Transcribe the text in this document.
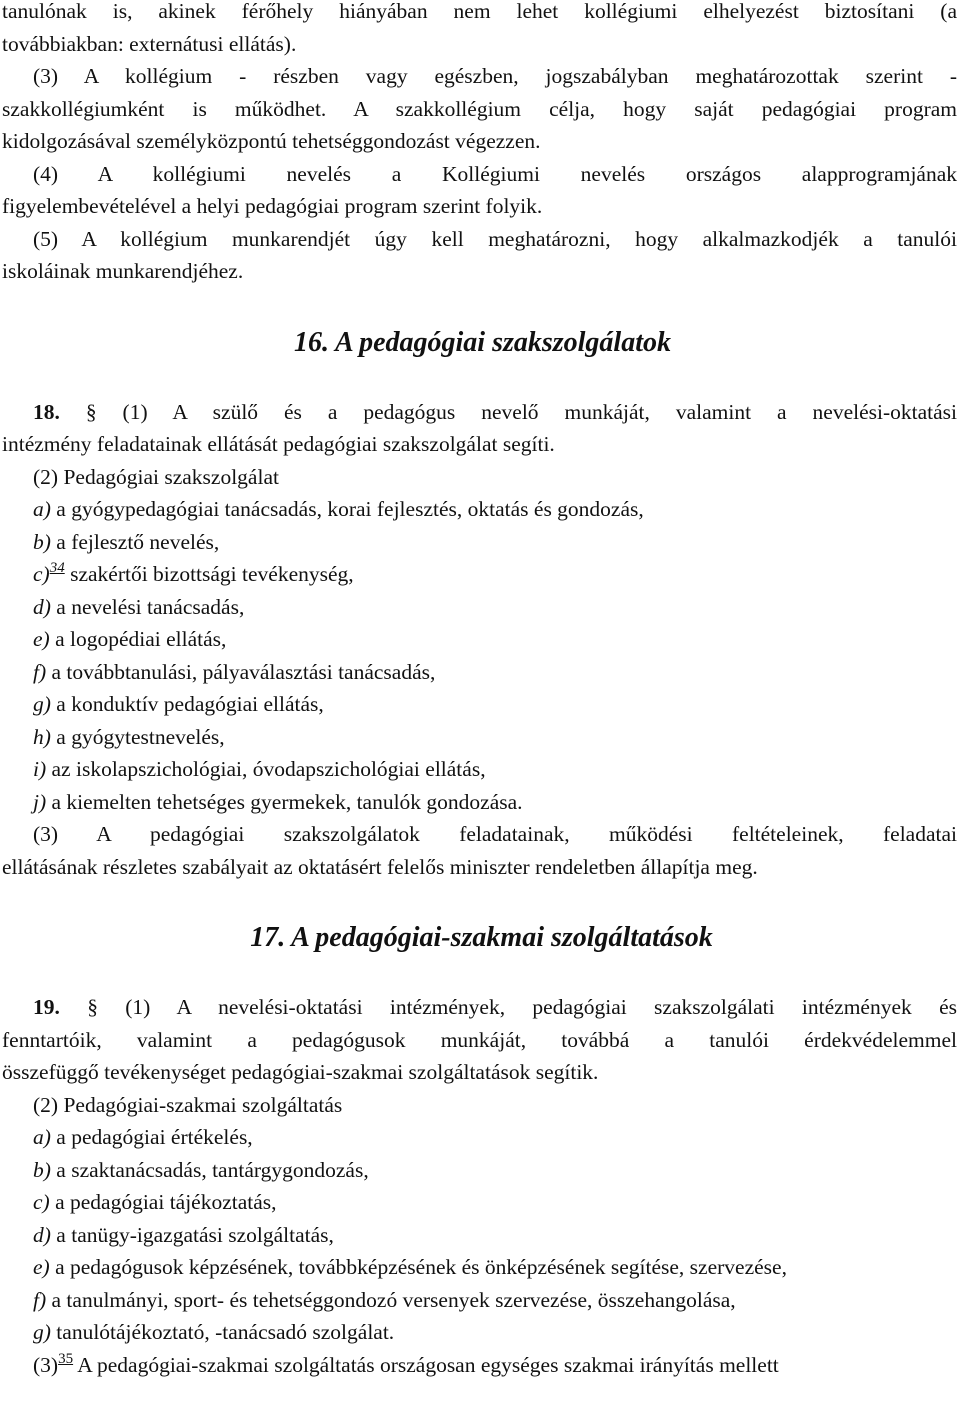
tanulónak is, akinek férőhely hiányában nem lehet kollégiumi elhelyezést biztosítani (a

továbbiakban: externátusi ellátás).

(3) A kollégium - részben vagy egészben, jogszabályban meghatározottak szerint -

szakkollégiumként is működhet. A szakkollégium célja, hogy saját pedagógiai program

kidolgozásával személyközpontú tehetséggondozást végezzen.

(4) A kollégiumi nevelés a Kollégiumi nevelés országos alapprogramjának

figyelembevételével a helyi pedagógiai program szerint folyik.

(5) A kollégium munkarendjét úgy kell meghatározni, hogy alkalmazkodjék a tanulói

iskoláinak munkarendjéhez.

16. A pedagógiai szakszolgálatok

18. § (1) A szülő és a pedagógus nevelő munkáját, valamint a nevelési-oktatási

intézmény feladatainak ellátását pedagógiai szakszolgálat segíti.

(2) Pedagógiai szakszolgálat

a) a gyógypedagógiai tanácsadás, korai fejlesztés, oktatás és gondozás,

b) a fejlesztő nevelés,

c)$^{34}$ szakértői bizottsági tevékenység,

d) a nevelési tanácsadás,

e) a logopédiai ellátás,

f) a továbbtanulási, pályaválasztási tanácsadás,

g) a konduktív pedagógiai ellátás,

h) a gyógytestnevelés,

i) az iskolapszichológiai, óvodapszichológiai ellátás,

j) a kiemelten tehetséges gyermekek, tanulók gondozása.

(3) A pedagógiai szakszolgálatok feladatainak, működési feltételeinek, feladatai

ellátásának részletes szabályait az oktatásért felelős miniszter rendeletben állapítja meg.

17. A pedagógiai-szakmai szolgáltatások

19. § (1) A nevelési-oktatási intézmények, pedagógiai szakszolgálati intézmények és

fenntartóik, valamint a pedagógusok munkáját, továbbá a tanulói érdekvédelemmel

összefüggő tevékenységet pedagógiai-szakmai szolgáltatások segítik.

(2) Pedagógiai-szakmai szolgáltatás

a) a pedagógiai értékelés,

b) a szaktanácsadás, tantárgygondozás,

c) a pedagógiai tájékoztatás,

d) a tanügy-igazgatási szolgáltatás,

e) a pedagógusok képzésének, továbbképzésének és önképzésének segítése, szervezése,

f) a tanulmányi, sport- és tehetséggondozó versenyek szervezése, összehangolása,

g) tanulótájékoztató, -tanácsadó szolgálat.

(3)$^{35}$ A pedagógiai-szakmai szolgáltatás országosan egységes szakmai irányítás mellett
